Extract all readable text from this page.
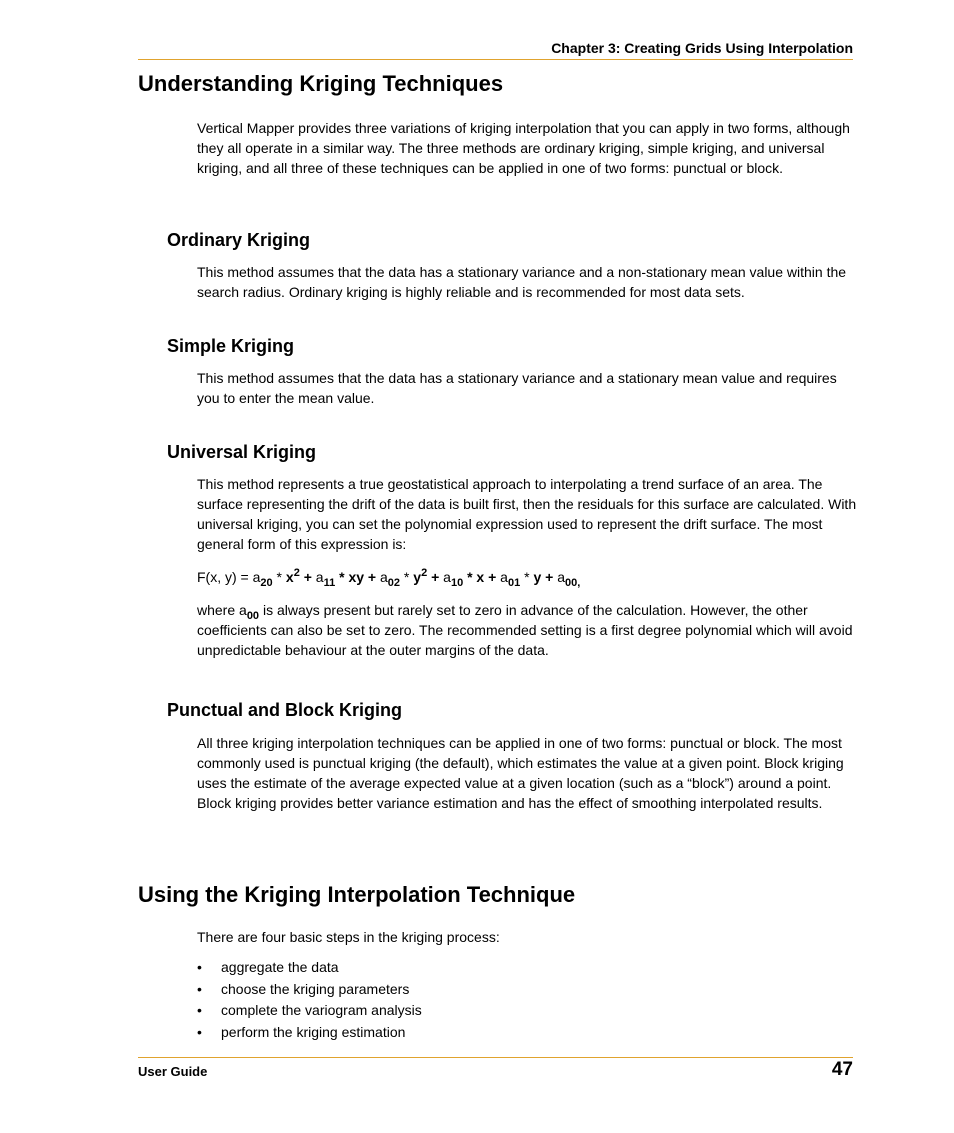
Chapter 3: Creating Grids Using Interpolation
Understanding Kriging Techniques

Vertical Mapper provides three variations of kriging interpolation that you can apply in two forms, although they all operate in a similar way. The three methods are ordinary kriging, simple kriging, and universal kriging, and all three of these techniques can be applied in one of two forms: punctual or block.

Ordinary Kriging

This method assumes that the data has a stationary variance and a non-stationary mean value within the search radius. Ordinary kriging is highly reliable and is recommended for most data sets.

Simple Kriging

This method assumes that the data has a stationary variance and a stationary mean value and requires you to enter the mean value.

Universal Kriging

This method represents a true geostatistical approach to interpolating a trend surface of an area. The surface representing the drift of the data is built first, then the residuals for this surface are calculated. With universal kriging, you can set the polynomial expression used to represent the drift surface. The most general form of this expression is:

F(x, $y) = a_{20} * x^2 + a_{11}$ * xy + $a_{02} * y^2 + a_{10} * x + a_{01} * y + a_{00,}$

where $a_{00}$ is always present but rarely set to zero in advance of the calculation. However, the other coefficients can also be set to zero. The recommended setting is a first degree polynomial which will avoid unpredictable behaviour at the outer margins of the data.

Punctual and Block Kriging

All three kriging interpolation techniques can be applied in one of two forms: punctual or block. The most commonly used is punctual kriging (the default), which estimates the value at a given point. Block kriging uses the estimate of the average expected value at a given location (such as a “block”) around a point. Block kriging provides better variance estimation and has the effect of smoothing interpolated results.

Using the Kriging Interpolation Technique

There are four basic steps in the kriging process:

• aggregate the data
• choose the kriging parameters
• complete the variogram analysis
• perform the kriging estimation
User Guide	47
